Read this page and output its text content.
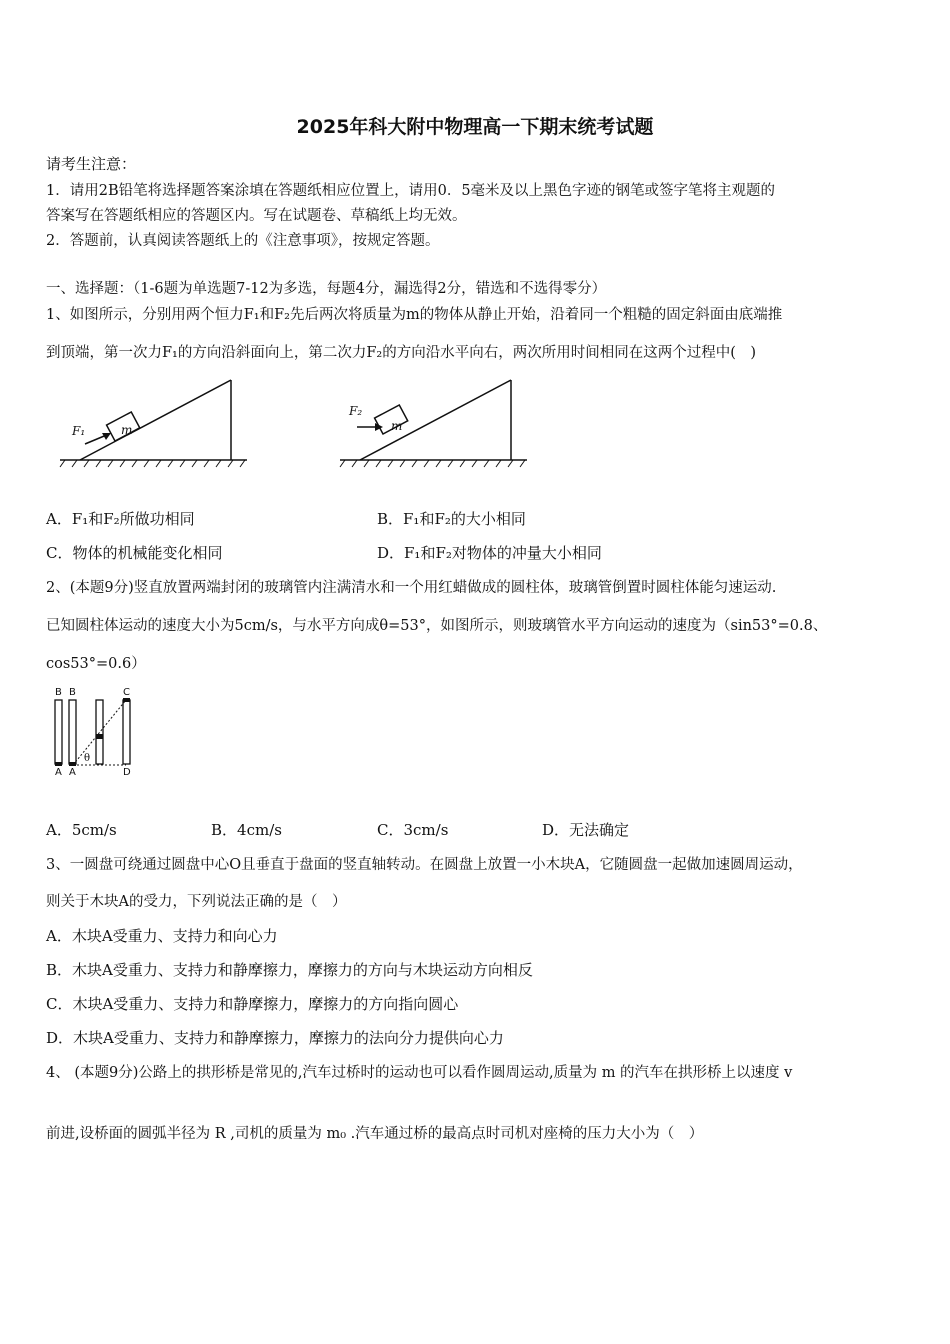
2025年科大附中物理高一下期末统考试题
请考生注意：
1．请用2B铅笔将选择题答案涂填在答题纸相应位置上，请用0．5毫米及以上黑色字迹的钢笔或签字笔将主观题的
答案写在答题纸相应的答题区内。写在试题卷、草稿纸上均无效。
2．答题前，认真阅读答题纸上的《注意事项》，按规定答题。
一、选择题：（1-6题为单选题7-12为多选，每题4分，漏选得2分，错选和不选得零分）
1、如图所示，分别用两个恒力F₁和F₂先后两次将质量为m的物体从静止开始，沿着同一个粗糙的固定斜面由底端推
到顶端，第一次力F₁的方向沿斜面向上，第二次力F₂的方向沿水平向右，两次所用时间相同在这两个过程中(　)
F₁	m
F₂
m
A．F₁和F₂所做功相同	B．F₁和F₂的大小相同
C．物体的机械能变化相同	D．F₁和F₂对物体的冲量大小相同
2、(本题9分)竖直放置两端封闭的玻璃管内注满清水和一个用红蜡做成的圆柱体，玻璃管倒置时圆柱体能匀速运动.
已知圆柱体运动的速度大小为5cm/s，与水平方向成θ=53°，如图所示，则玻璃管水平方向运动的速度为（sin53°=0.8、
cos53°=0.6）
B B	C
A A	D
θ
A．5cm/s	B．4cm/s	C．3cm/s	D．无法确定
3、一圆盘可绕通过圆盘中心O且垂直于盘面的竖直轴转动。在圆盘上放置一小木块A，它随圆盘一起做加速圆周运动，
则关于木块A的受力，下列说法正确的是（　）
A．木块A受重力、支持力和向心力
B．木块A受重力、支持力和静摩擦力，摩擦力的方向与木块运动方向相反
C．木块A受重力、支持力和静摩擦力，摩擦力的方向指向圆心
D．木块A受重力、支持力和静摩擦力，摩擦力的法向分力提供向心力
4、 (本题9分)公路上的拱形桥是常见的,汽车过桥时的运动也可以看作圆周运动,质量为 m 的汽车在拱形桥上以速度 v
前进,设桥面的圆弧半径为 R ,司机的质量为 m₀ .汽车通过桥的最高点时司机对座椅的压力大小为（　）
